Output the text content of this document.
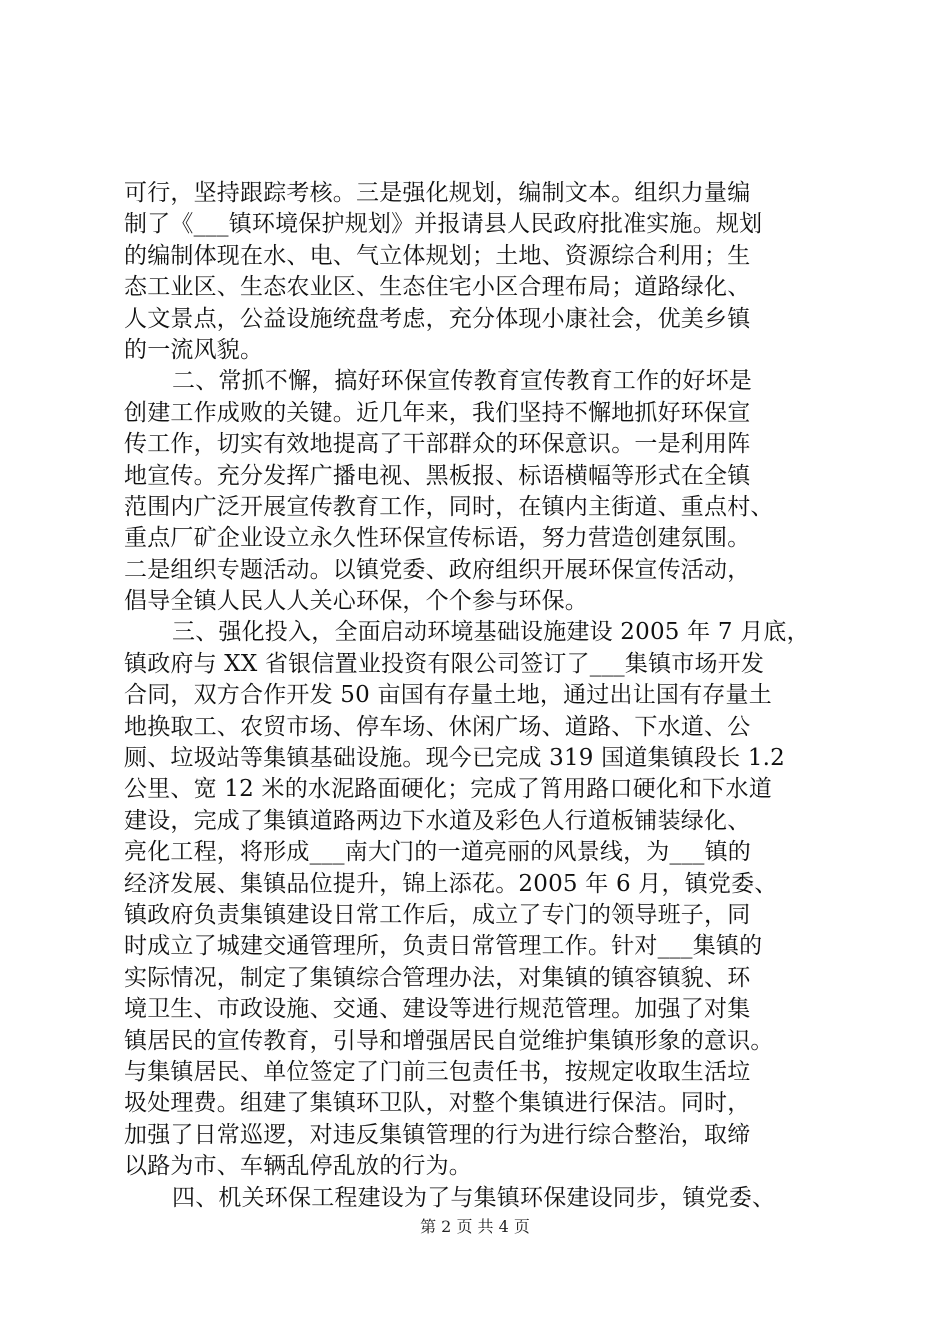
可行，坚持跟踪考核。三是强化规划，编制文本。组织力量编
制了《___镇环境保护规划》并报请县人民政府批准实施。规划
的编制体现在水、电、气立体规划；土地、资源综合利用；生
态工业区、生态农业区、生态住宅小区合理布局；道路绿化、
人文景点，公益设施统盘考虑，充分体现小康社会，优美乡镇
的一流风貌。
二、常抓不懈，搞好环保宣传教育宣传教育工作的好坏是
创建工作成败的关键。近几年来，我们坚持不懈地抓好环保宣
传工作，切实有效地提高了干部群众的环保意识。一是利用阵
地宣传。充分发挥广播电视、黑板报、标语横幅等形式在全镇
范围内广泛开展宣传教育工作，同时，在镇内主街道、重点村、
重点厂矿企业设立永久性环保宣传标语，努力营造创建氛围。
二是组织专题活动。以镇党委、政府组织开展环保宣传活动，
倡导全镇人民人人关心环保，个个参与环保。
三、强化投入，全面启动环境基础设施建设 2005 年 7 月底，
镇政府与 XX 省银信置业投资有限公司签订了___集镇市场开发
合同，双方合作开发 50 亩国有存量土地，通过出让国有存量土
地换取工、农贸市场、停车场、休闲广场、道路、下水道、公
厕、垃圾站等集镇基础设施。现今已完成 319 国道集镇段长 1.2
公里、宽 12 米的水泥路面硬化；完成了筲用路口硬化和下水道
建设，完成了集镇道路两边下水道及彩色人行道板铺装绿化、
亮化工程，将形成___南大门的一道亮丽的风景线，为___镇的
经济发展、集镇品位提升，锦上添花。2005 年 6 月，镇党委、
镇政府负责集镇建设日常工作后，成立了专门的领导班子，同
时成立了城建交通管理所，负责日常管理工作。针对___集镇的
实际情况，制定了集镇综合管理办法，对集镇的镇容镇貌、环
境卫生、市政设施、交通、建设等进行规范管理。加强了对集
镇居民的宣传教育，引导和增强居民自觉维护集镇形象的意识。
与集镇居民、单位签定了门前三包责任书，按规定收取生活垃
圾处理费。组建了集镇环卫队，对整个集镇进行保洁。同时，
加强了日常巡逻，对违反集镇管理的行为进行综合整治，取缔
以路为市、车辆乱停乱放的行为。
四、机关环保工程建设为了与集镇环保建设同步，镇党委、
第 2 页 共 4 页
